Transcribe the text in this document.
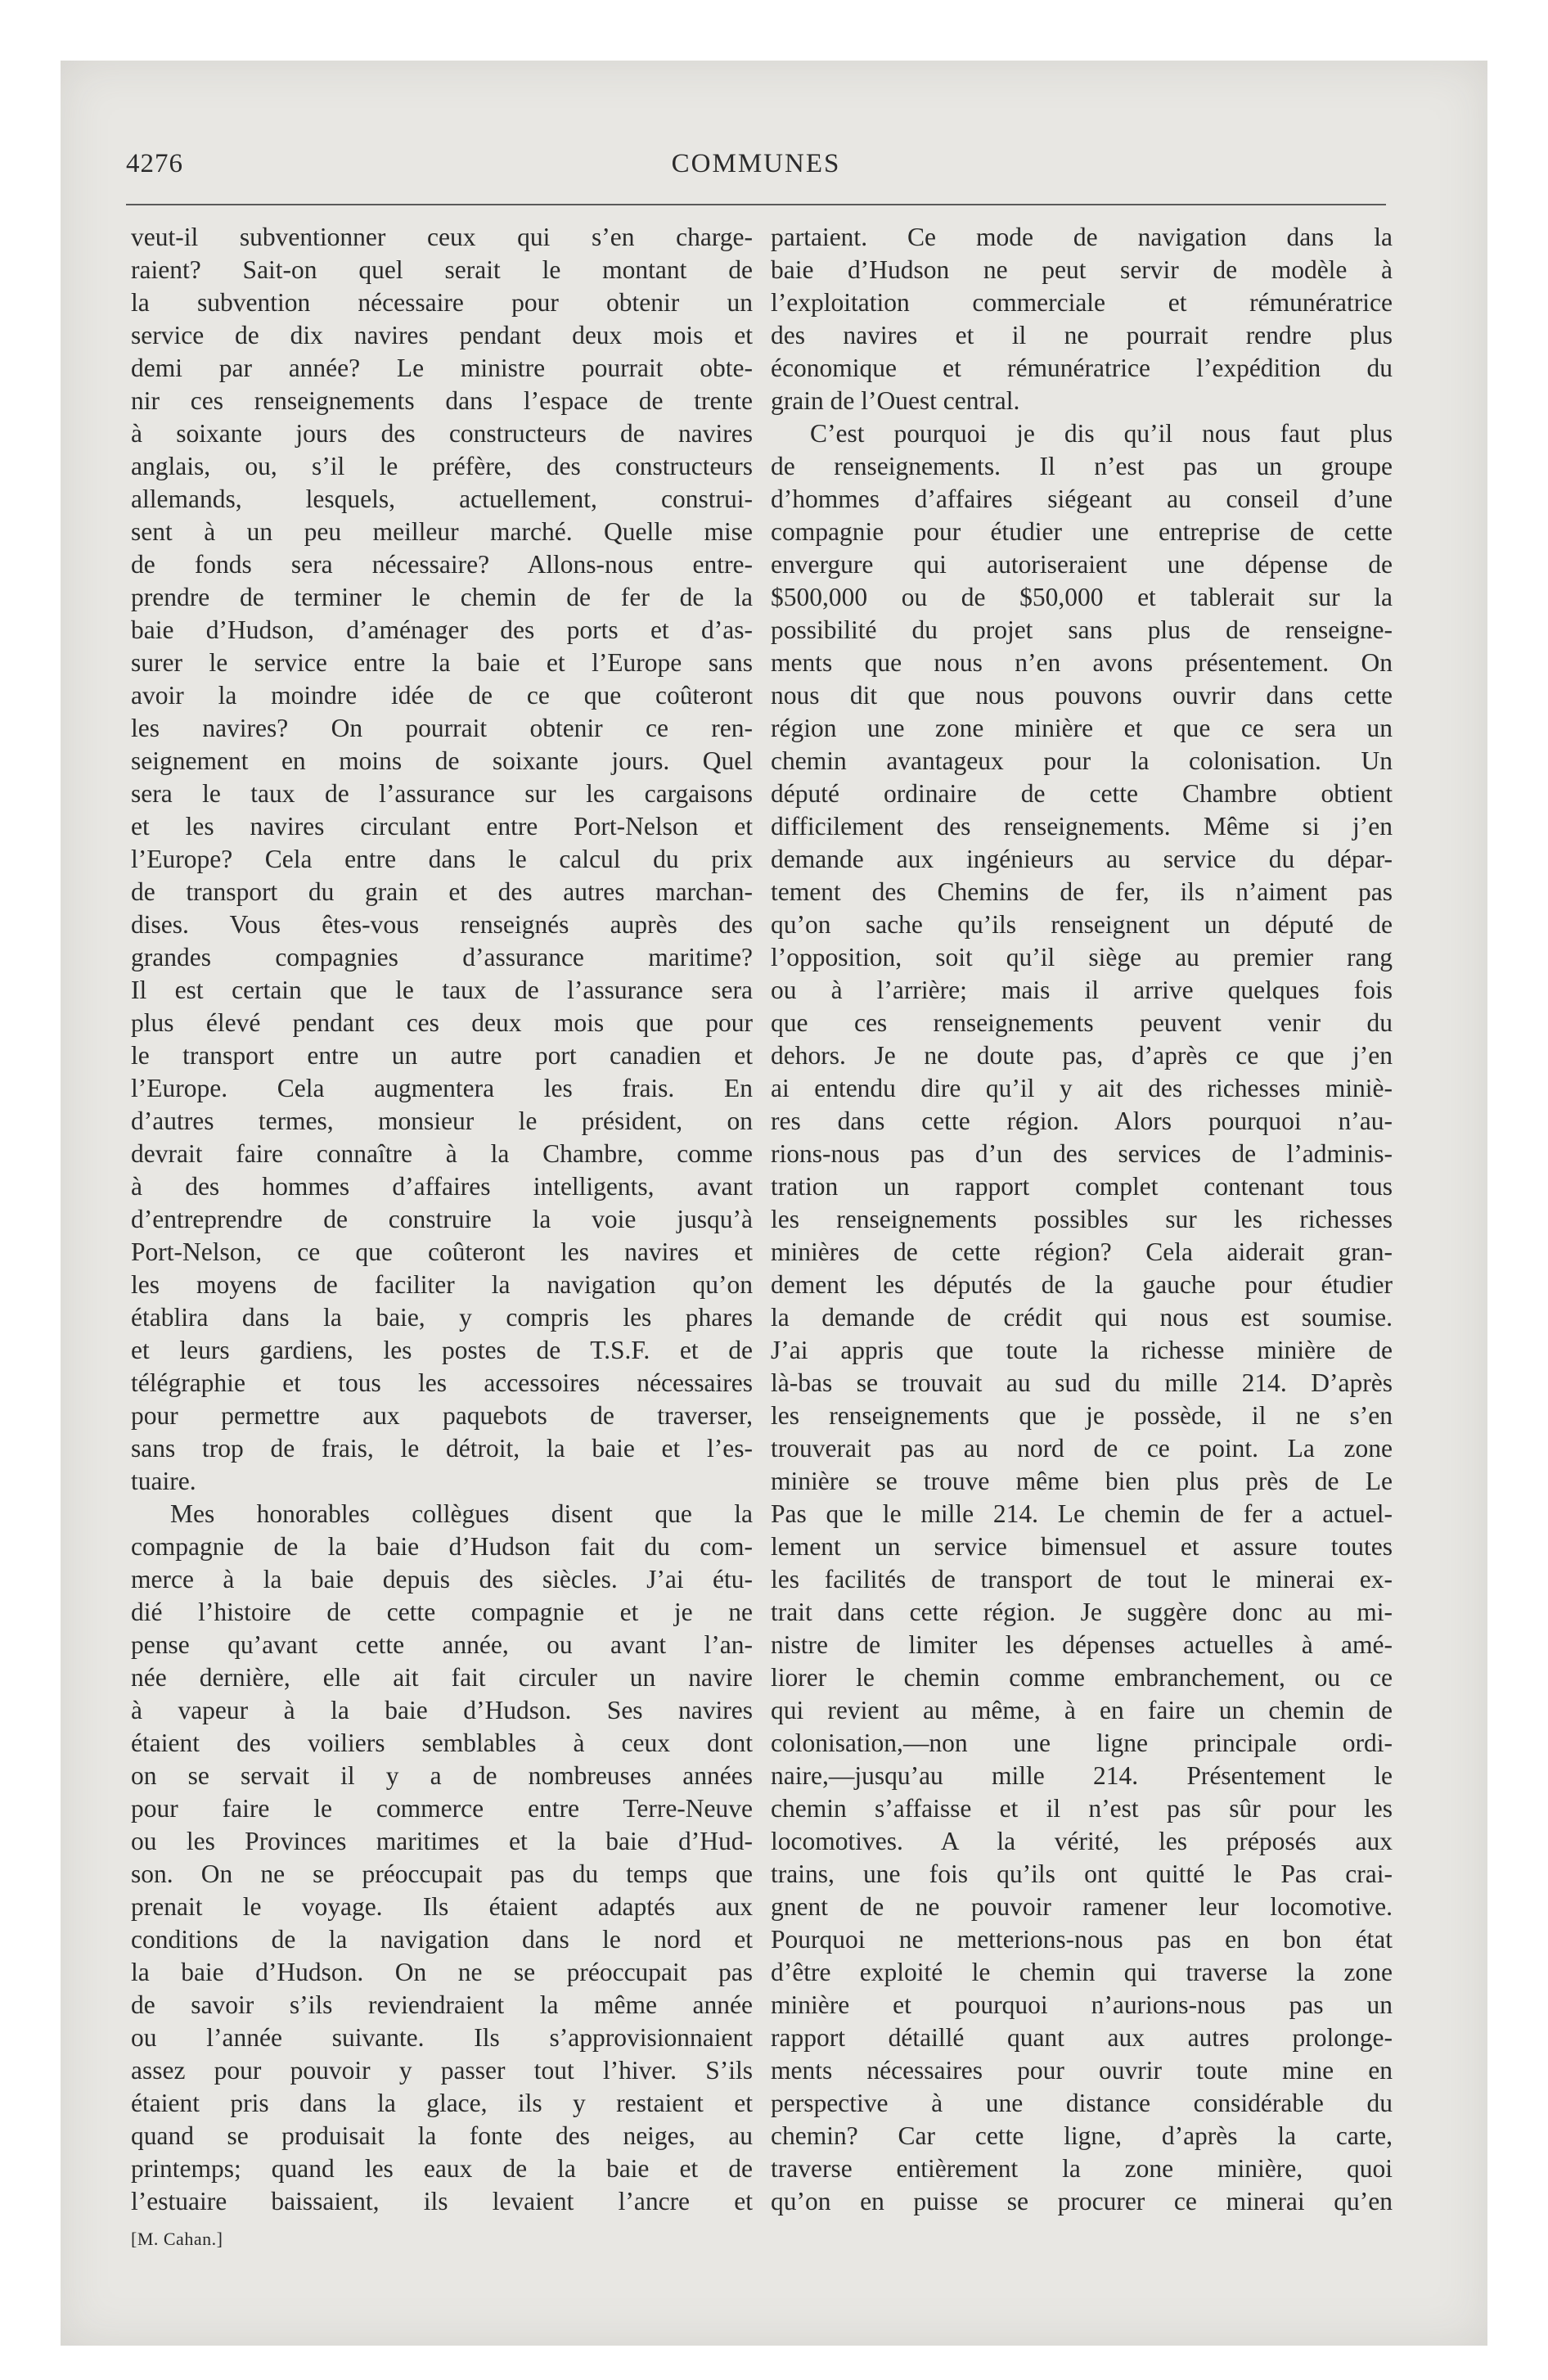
4276	COMMUNES
veut-il subventionner ceux qui s’en charge-
raient? Sait-on quel serait le montant de
la subvention nécessaire pour obtenir un
service de dix navires pendant deux mois et
demi par année? Le ministre pourrait obte-
nir ces renseignements dans l’espace de trente
à soixante jours des constructeurs de navires
anglais, ou, s’il le préfère, des constructeurs
allemands, lesquels, actuellement, construi-
sent à un peu meilleur marché. Quelle mise
de fonds sera nécessaire? Allons-nous entre-
prendre de terminer le chemin de fer de la
baie d’Hudson, d’aménager des ports et d’as-
surer le service entre la baie et l’Europe sans
avoir la moindre idée de ce que coûteront
les navires? On pourrait obtenir ce ren-
seignement en moins de soixante jours. Quel
sera le taux de l’assurance sur les cargaisons
et les navires circulant entre Port-Nelson et
l’Europe? Cela entre dans le calcul du prix
de transport du grain et des autres marchan-
dises. Vous êtes-vous renseignés auprès des
grandes compagnies d’assurance maritime?
Il est certain que le taux de l’assurance sera
plus élevé pendant ces deux mois que pour
le transport entre un autre port canadien et
l’Europe. Cela augmentera les frais. En
d’autres termes, monsieur le président, on
devrait faire connaître à la Chambre, comme
à des hommes d’affaires intelligents, avant
d’entreprendre de construire la voie jusqu’à
Port-Nelson, ce que coûteront les navires et
les moyens de faciliter la navigation qu’on
établira dans la baie, y compris les phares
et leurs gardiens, les postes de T.S.F. et de
télégraphie et tous les accessoires nécessaires
pour permettre aux paquebots de traverser,
sans trop de frais, le détroit, la baie et l’es-
tuaire.
Mes honorables collègues disent que la
compagnie de la baie d’Hudson fait du com-
merce à la baie depuis des siècles. J’ai étu-
dié l’histoire de cette compagnie et je ne
pense qu’avant cette année, ou avant l’an-
née dernière, elle ait fait circuler un navire
à vapeur à la baie d’Hudson. Ses navires
étaient des voiliers semblables à ceux dont
on se servait il y a de nombreuses années
pour faire le commerce entre Terre-Neuve
ou les Provinces maritimes et la baie d’Hud-
son. On ne se préoccupait pas du temps que
prenait le voyage. Ils étaient adaptés aux
conditions de la navigation dans le nord et
la baie d’Hudson. On ne se préoccupait pas
de savoir s’ils reviendraient la même année
ou l’année suivante. Ils s’approvisionnaient
assez pour pouvoir y passer tout l’hiver. S’ils
étaient pris dans la glace, ils y restaient et
quand se produisait la fonte des neiges, au
printemps; quand les eaux de la baie et de
l’estuaire baissaient, ils levaient l’ancre et
[M. Cahan.]
partaient. Ce mode de navigation dans la
baie d’Hudson ne peut servir de modèle à
l’exploitation commerciale et rémunératrice
des navires et il ne pourrait rendre plus
économique et rémunératrice l’expédition du
grain de l’Ouest central.
C’est pourquoi je dis qu’il nous faut plus
de renseignements. Il n’est pas un groupe
d’hommes d’affaires siégeant au conseil d’une
compagnie pour étudier une entreprise de cette
envergure qui autoriseraient une dépense de
$500,000 ou de $50,000 et tablerait sur la
possibilité du projet sans plus de renseigne-
ments que nous n’en avons présentement. On
nous dit que nous pouvons ouvrir dans cette
région une zone minière et que ce sera un
chemin avantageux pour la colonisation. Un
député ordinaire de cette Chambre obtient
difficilement des renseignements. Même si j’en
demande aux ingénieurs au service du dépar-
tement des Chemins de fer, ils n’aiment pas
qu’on sache qu’ils renseignent un député de
l’opposition, soit qu’il siège au premier rang
ou à l’arrière; mais il arrive quelques fois
que ces renseignements peuvent venir du
dehors. Je ne doute pas, d’après ce que j’en
ai entendu dire qu’il y ait des richesses miniè-
res dans cette région. Alors pourquoi n’au-
rions-nous pas d’un des services de l’adminis-
tration un rapport complet contenant tous
les renseignements possibles sur les richesses
minières de cette région? Cela aiderait gran-
dement les députés de la gauche pour étudier
la demande de crédit qui nous est soumise.
J’ai appris que toute la richesse minière de
là-bas se trouvait au sud du mille 214. D’après
les renseignements que je possède, il ne s’en
trouverait pas au nord de ce point. La zone
minière se trouve même bien plus près de Le
Pas que le mille 214. Le chemin de fer a actuel-
lement un service bimensuel et assure toutes
les facilités de transport de tout le minerai ex-
trait dans cette région. Je suggère donc au mi-
nistre de limiter les dépenses actuelles à amé-
liorer le chemin comme embranchement, ou ce
qui revient au même, à en faire un chemin de
colonisation,—non une ligne principale ordi-
naire,—jusqu’au mille 214. Présentement le
chemin s’affaisse et il n’est pas sûr pour les
locomotives. A la vérité, les préposés aux
trains, une fois qu’ils ont quitté le Pas crai-
gnent de ne pouvoir ramener leur locomotive.
Pourquoi ne metterions-nous pas en bon état
d’être exploité le chemin qui traverse la zone
minière et pourquoi n’aurions-nous pas un
rapport détaillé quant aux autres prolonge-
ments nécessaires pour ouvrir toute mine en
perspective à une distance considérable du
chemin? Car cette ligne, d’après la carte,
traverse entièrement la zone minière, quoi
qu’on en puisse se procurer ce minerai qu’en
